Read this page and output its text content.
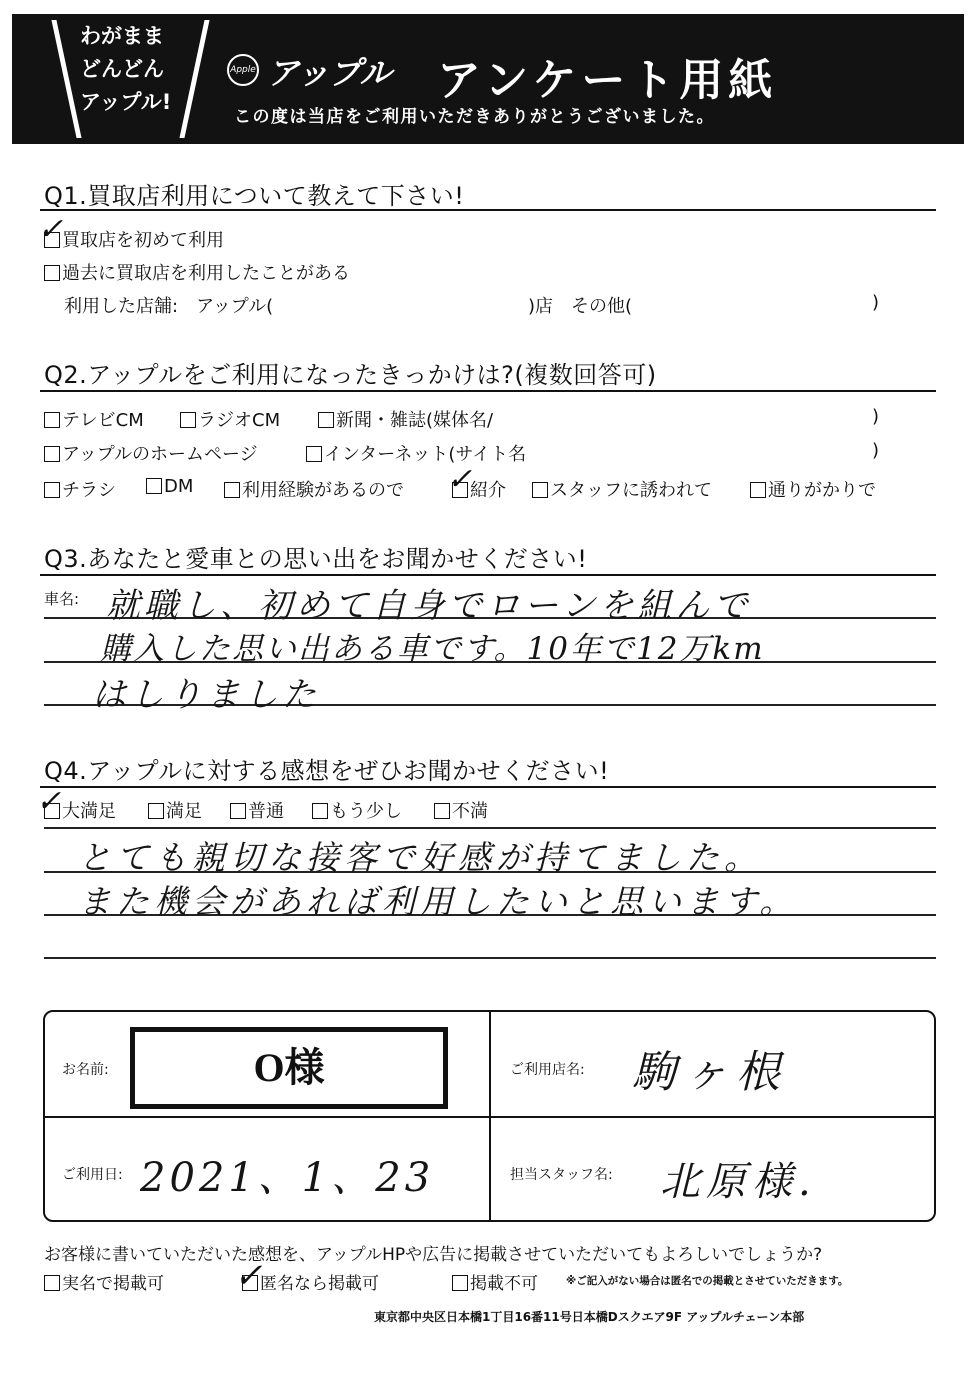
わがまま
どんどん
アップル!
Apple アップル アンケート用紙
この度は当店をご利用いただきありがとうございました。
Q1.買取店利用について教えて下さい!
買取店を初めて利用
✓
過去に買取店を利用したことがある
利用した店舗:　アップル(	)店　その他(	)
Q2.アップルをご利用になったきっかけは?(複数回答可)
テレビCM	ラジオCM	新聞・雑誌(媒体名/	)
アップルのホームページ	インターネット(サイト名	)
チラシ	DM	利用経験があるので	紹介
✓	スタッフに誘われて	通りがかりで
Q3.あなたと愛車との思い出をお聞かせください!
車名: 就職し、初めて自身でローンを組んで
購入した思い出ある車です。10年で12万km
はしりました
Q4.アップルに対する感想をぜひお聞かせください!
大満足
✓	満足	普通	もう少し	不満
とても親切な接客で好感が持てました。
また機会があれば利用したいと思います。
お名前:	O様	ご利用店名: 駒ヶ根
ご利用日: 2021、1、23	担当スタッフ名: 北原様.
お客様に書いていただいた感想を、アップルHPや広告に掲載させていただいてもよろしいでしょうか?
実名で掲載可	匿名なら掲載可
✓	掲載不可	※ご記入がない場合は匿名での掲載とさせていただきます。
東京都中央区日本橋1丁目16番11号日本橋Dスクエア9F アップルチェーン本部
